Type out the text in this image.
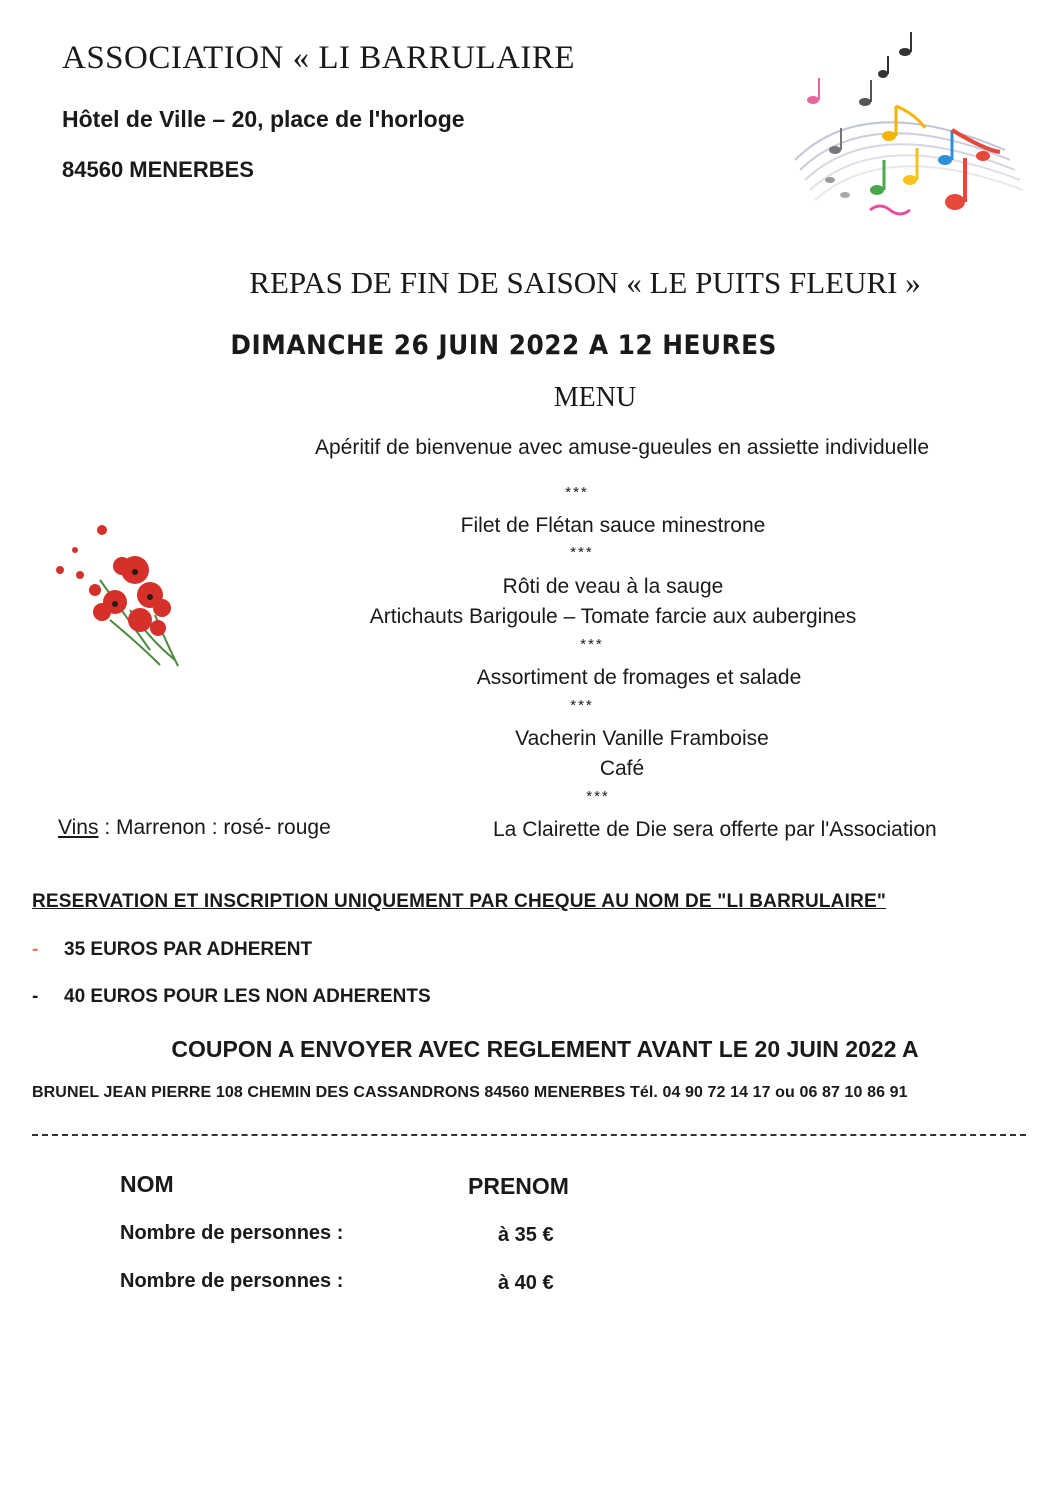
ASSOCIATION « LI BARRULAIRE
Hôtel de Ville – 20, place de l'horloge
84560 MENERBES
REPAS DE FIN DE SAISON « LE PUITS FLEURI »
DIMANCHE 26 JUIN 2022 A 12 HEURES
MENU
Apéritif de bienvenue avec amuse-gueules en assiette individuelle
***
Filet de Flétan sauce minestrone
***
Rôti de veau à la sauge
Artichauts Barigoule – Tomate farcie aux aubergines
***
Assortiment de fromages et salade
***
Vacherin Vanille Framboise
Café
***
Vins : Marrenon : rosé- rouge	La Clairette de Die sera offerte par l'Association
RESERVATION ET INSCRIPTION UNIQUEMENT PAR CHEQUE AU NOM DE "LI BARRULAIRE"
- 35 EUROS PAR ADHERENT
- 40 EUROS POUR LES NON ADHERENTS
COUPON A ENVOYER AVEC REGLEMENT AVANT LE 20 JUIN 2022 A
BRUNEL JEAN PIERRE 108 CHEMIN DES CASSANDRONS 84560 MENERBES Tél. 04 90 72 14 17 ou 06 87 10 86 91
NOM	PRENOM
Nombre de personnes :	à 35 €
Nombre de personnes :	à 40 €
